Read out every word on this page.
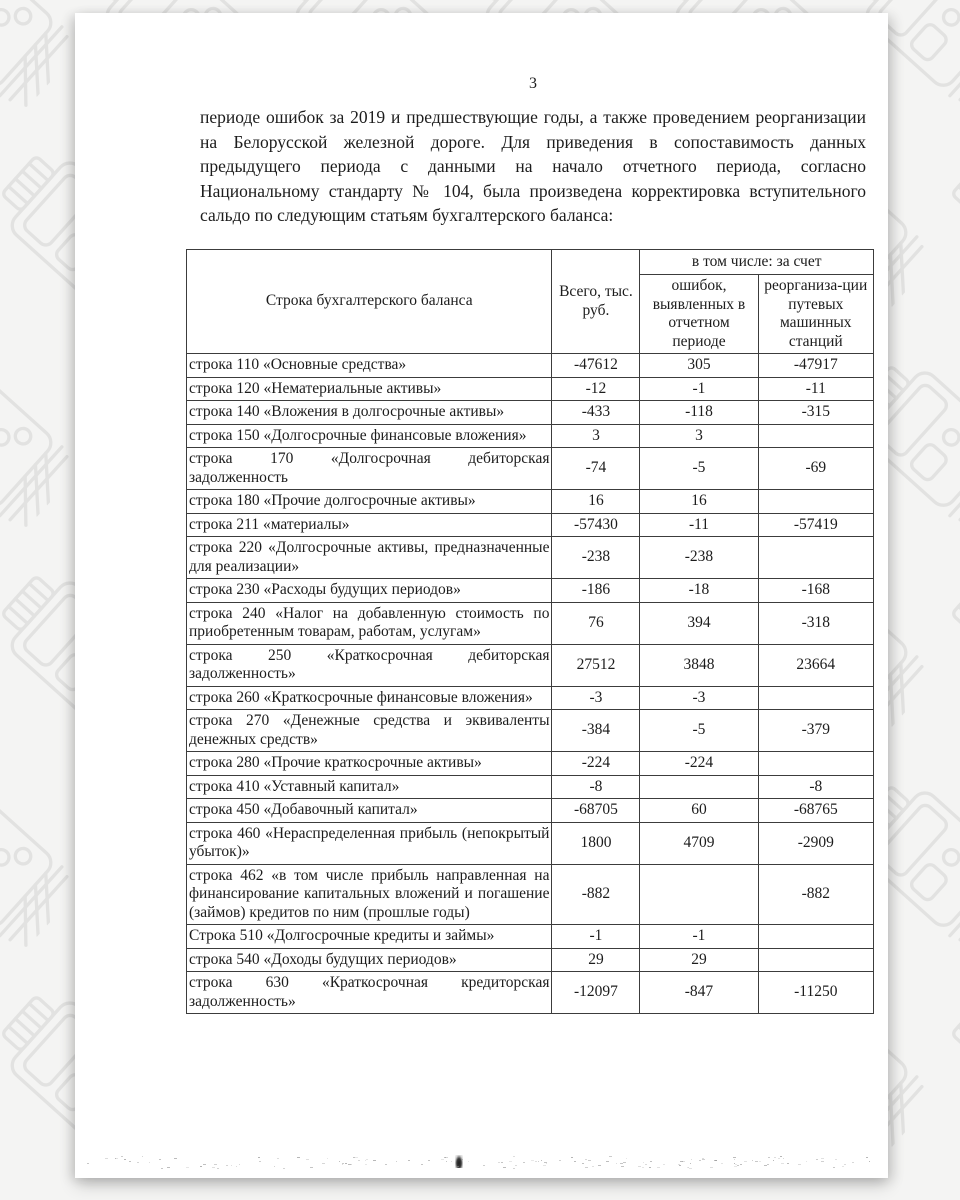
3
периоде ошибок за 2019 и предшествующие годы, а также проведением реорганизации на Белорусской железной дороге. Для приведения в сопоставимость данных предыдущего периода с данными на начало отчетного периода, согласно Национальному стандарту № 104, была произведена корректировка вступительного сальдо по следующим статьям бухгалтерского баланса:
Строка бухгалтерского баланса	Всего, тыс. руб.	в том числе: за счет	
		ошибок, выявленных в отчетном периоде	реорганиза-ции путевых машинных станций
строка 110 «Основные средства»	-47612	305	-47917
строка 120 «Нематериальные активы»	-12	-1	-11
строка 140 «Вложения в долгосрочные активы»	-433	-118	-315
строка 150 «Долгосрочные финансовые вложения»	3	3	
строка 170 «Долгосрочная дебиторская задолженность	-74	-5	-69
строка 180 «Прочие долгосрочные активы»	16	16	
строка 211 «материалы»	-57430	-11	-57419
строка 220 «Долгосрочные активы, предназначенные для реализации»	-238	-238	
строка 230 «Расходы будущих периодов»	-186	-18	-168
строка 240 «Налог на добавленную стоимость по приобретенным товарам, работам, услугам»	76	394	-318
строка 250 «Краткосрочная дебиторская задолженность»	27512	3848	23664
строка 260 «Краткосрочные финансовые вложения»	-3	-3	
строка 270 «Денежные средства и эквиваленты денежных средств»	-384	-5	-379
строка 280 «Прочие краткосрочные активы»	-224	-224	
строка 410 «Уставный капитал»	-8		-8
строка 450 «Добавочный капитал»	-68705	60	-68765
строка 460 «Нераспределенная прибыль (непокрытый убыток)»	1800	4709	-2909
строка 462 «в том числе прибыль направленная на финансирование капитальных вложений и погашение (займов) кредитов по ним (прошлые годы)	-882		-882
Строка 510 «Долгосрочные кредиты и займы»	-1	-1	
строка 540 «Доходы будущих периодов»	29	29	
строка 630 «Краткосрочная кредиторская задолженность»	-12097	-847	-11250
